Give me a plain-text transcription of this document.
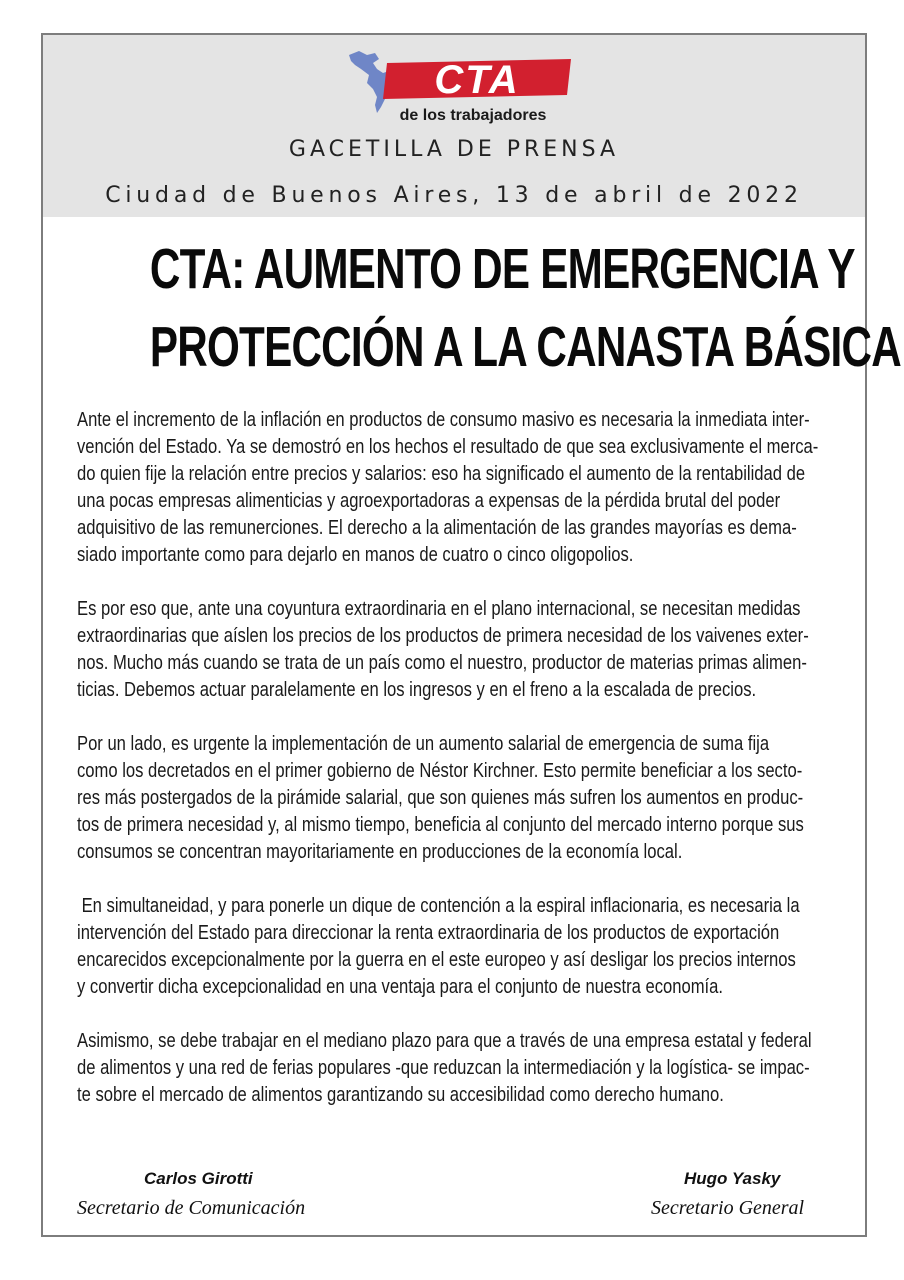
CTA
de los trabajadores
GACETILLA DE PRENSA
Ciudad de Buenos Aires, 13 de abril de 2022
CTA: AUMENTO DE EMERGENCIA Y
PROTECCIÓN A LA CANASTA BÁSICA
Ante el incremento de la inflación en productos de consumo masivo es necesaria la inmediata inter-
vención del Estado. Ya se demostró en los hechos el resultado de que sea exclusivamente el merca-
do quien fije la relación entre precios y salarios: eso ha significado el aumento de la rentabilidad de
una pocas empresas alimenticias y agroexportadoras a expensas de la pérdida brutal del poder
adquisitivo de las remunerciones. El derecho a la alimentación de las grandes mayorías es dema-
siado importante como para dejarlo en manos de cuatro o cinco oligopolios.
Es por eso que, ante una coyuntura extraordinaria en el plano internacional, se necesitan medidas
extraordinarias que aíslen los precios de los productos de primera necesidad de los vaivenes exter-
nos. Mucho más cuando se trata de un país como el nuestro, productor de materias primas alimen-
ticias. Debemos actuar paralelamente en los ingresos y en el freno a la escalada de precios.
Por un lado, es urgente la implementación de un aumento salarial de emergencia de suma fija
como los decretados en el primer gobierno de Néstor Kirchner. Esto permite beneficiar a los secto-
res más postergados de la pirámide salarial, que son quienes más sufren los aumentos en produc-
tos de primera necesidad y, al mismo tiempo, beneficia al conjunto del mercado interno porque sus
consumos se concentran mayoritariamente en producciones de la economía local.
En simultaneidad, y para ponerle un dique de contención a la espiral inflacionaria, es necesaria la
intervención del Estado para direccionar la renta extraordinaria de los productos de exportación
encarecidos excepcionalmente por la guerra en el este europeo y así desligar los precios internos
y convertir dicha excepcionalidad en una ventaja para el conjunto de nuestra economía.
Asimismo, se debe trabajar en el mediano plazo para que a través de una empresa estatal y federal
de alimentos y una red de ferias populares -que reduzcan la intermediación y la logística- se impac-
te sobre el mercado de alimentos garantizando su accesibilidad como derecho humano.
Carlos Girotti
Secretario de Comunicación
Hugo Yasky
Secretario General
